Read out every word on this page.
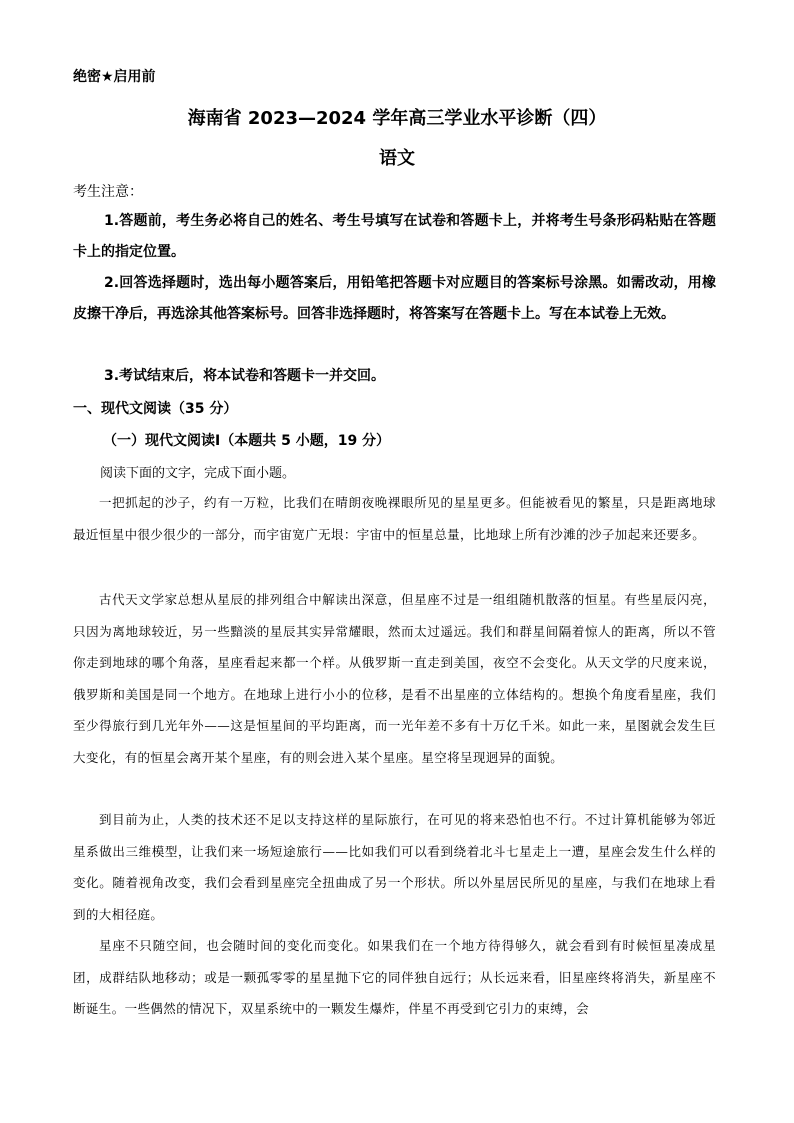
绝密★启用前
海南省 2023—2024 学年高三学业水平诊断（四）
语文
考生注意：

1.答题前，考生务必将自己的姓名、考生号填写在试卷和答题卡上，并将考生号条形码粘贴在答题卡上的指定位置。

2.回答选择题时，选出每小题答案后，用铅笔把答题卡对应题目的答案标号涂黑。如需改动，用橡皮擦干净后，再选涂其他答案标号。回答非选择题时，将答案写在答题卡上。写在本试卷上无效。

3.考试结束后，将本试卷和答题卡一并交回。

一、现代文阅读（35 分）
（一）现代文阅读Ⅰ（本题共 5 小题，19 分）
阅读下面的文字，完成下面小题。

一把抓起的沙子，约有一万粒，比我们在晴朗夜晚裸眼所见的星星更多。但能被看见的繁星，只是距离地球最近恒星中很少很少的一部分，而宇宙宽广无垠：宇宙中的恒星总量，比地球上所有沙滩的沙子加起来还要多。

古代天文学家总想从星辰的排列组合中解读出深意，但星座不过是一组组随机散落的恒星。有些星辰闪亮，只因为离地球较近，另一些黯淡的星辰其实异常耀眼，然而太过遥远。我们和群星间隔着惊人的距离，所以不管你走到地球的哪个角落，星座看起来都一个样。从俄罗斯一直走到美国，夜空不会变化。从天文学的尺度来说，俄罗斯和美国是同一个地方。在地球上进行小小的位移，是看不出星座的立体结构的。想换个角度看星座，我们至少得旅行到几光年外——这是恒星间的平均距离，而一光年差不多有十万亿千米。如此一来，星图就会发生巨大变化，有的恒星会离开某个星座，有的则会进入某个星座。星空将呈现迥异的面貌。

到目前为止，人类的技术还不足以支持这样的星际旅行，在可见的将来恐怕也不行。不过计算机能够为邻近星系做出三维模型，让我们来一场短途旅行——比如我们可以看到绕着北斗七星走上一遭，星座会发生什么样的变化。随着视角改变，我们会看到星座完全扭曲成了另一个形状。所以外星居民所见的星座，与我们在地球上看到的大相径庭。

星座不只随空间，也会随时间的变化而变化。如果我们在一个地方待得够久，就会看到有时候恒星凑成星团，成群结队地移动；或是一颗孤零零的星星抛下它的同伴独自远行；从长远来看，旧星座终将消失，新星座不断诞生。一些偶然的情况下，双星系统中的一颗发生爆炸，伴星不再受到它引力的束缚，会
